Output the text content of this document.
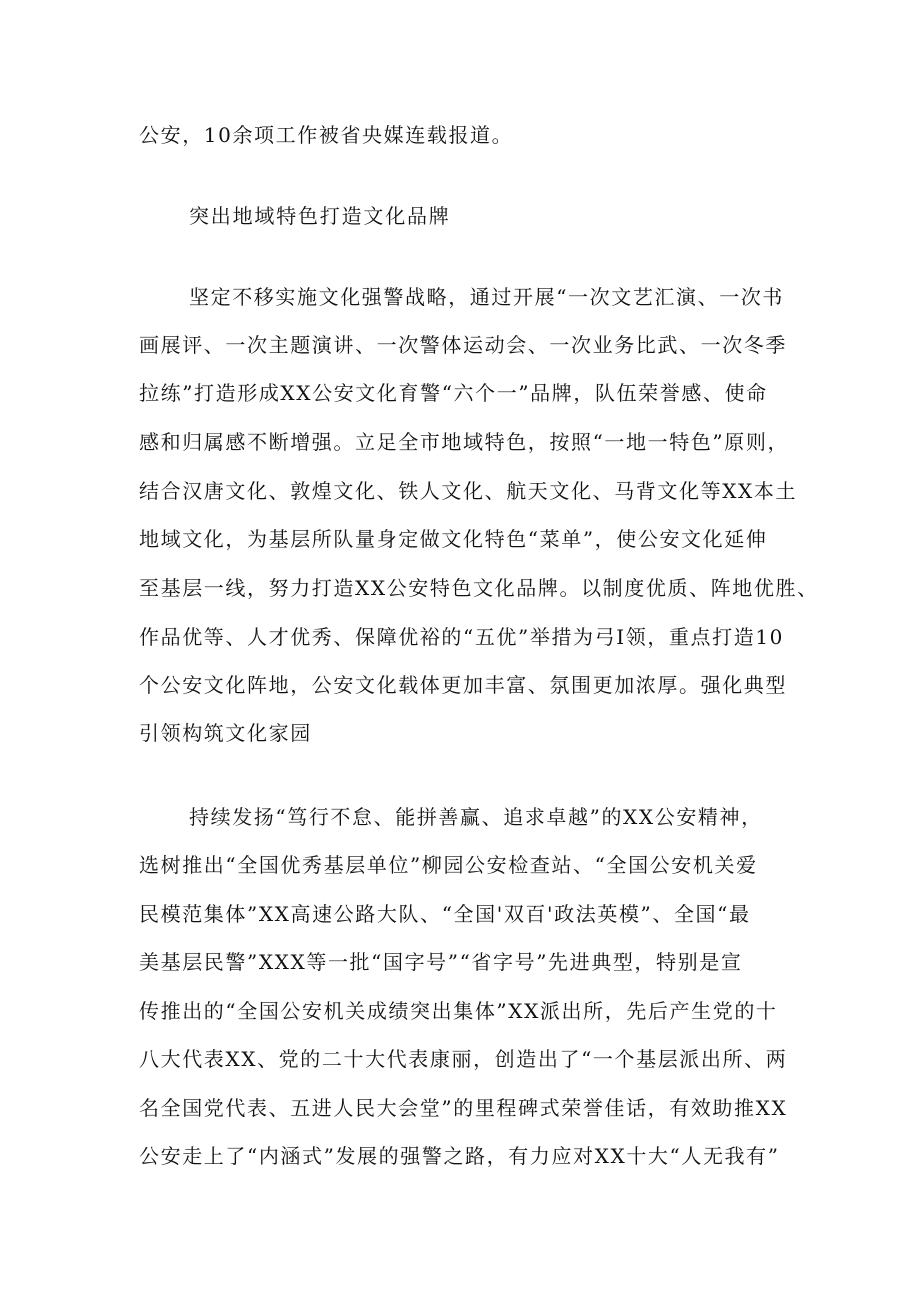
公安，10余项工作被省央媒连载报道。
突出地域特色打造文化品牌
坚定不移实施文化强警战略，通过开展“一次文艺汇演、一次书
画展评、一次主题演讲、一次警体运动会、一次业务比武、一次冬季
拉练”打造形成XX公安文化育警“六个一”品牌，队伍荣誉感、使命
感和归属感不断增强。立足全市地域特色，按照“一地一特色”原则，
结合汉唐文化、敦煌文化、铁人文化、航天文化、马背文化等XX本土
地域文化，为基层所队量身定做文化特色“菜单”，使公安文化延伸
至基层一线，努力打造XX公安特色文化品牌。以制度优质、阵地优胜、
作品优等、人才优秀、保障优裕的“五优”举措为弓I领，重点打造10
个公安文化阵地，公安文化载体更加丰富、氛围更加浓厚。强化典型
引领构筑文化家园
持续发扬“笃行不怠、能拼善赢、追求卓越”的XX公安精神，
选树推出“全国优秀基层单位”柳园公安检查站、“全国公安机关爱
民模范集体”XX高速公路大队、“全国'双百'政法英模”、全国“最
美基层民警”XXX等一批“国字号”“省字号”先进典型，特别是宣
传推出的“全国公安机关成绩突出集体”XX派出所，先后产生党的十
八大代表XX、党的二十大代表康丽，创造出了“一个基层派出所、两
名全国党代表、五进人民大会堂”的里程碑式荣誉佳话，有效助推XX
公安走上了“内涵式”发展的强警之路，有力应对XX十大“人无我有”
